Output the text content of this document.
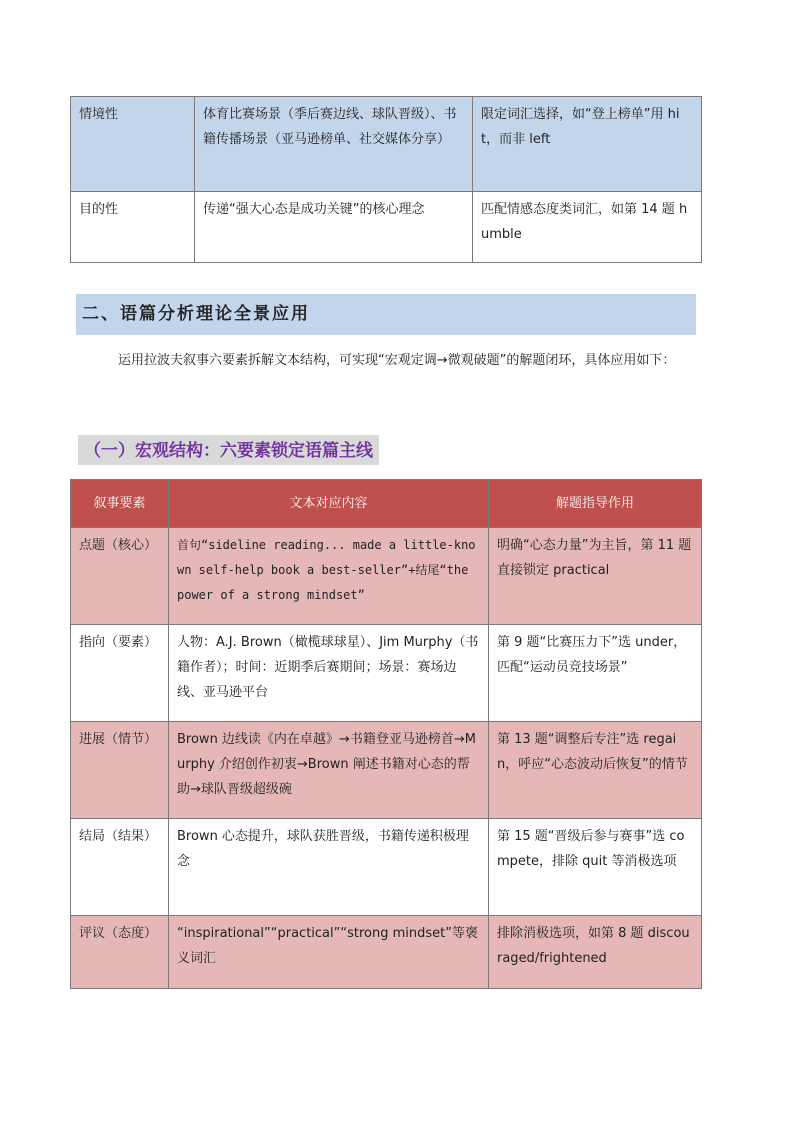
情境性	体育比赛场景（季后赛边线、球队晋级）、书籍传播场景（亚马逊榜单、社交媒体分享）	限定词汇选择，如“登上榜单”用 hit，而非 left
目的性	传递“强大心态是成功关键”的核心理念	匹配情感态度类词汇，如第 14 题 humble
二、语篇分析理论全景应用
运用拉波夫叙事六要素拆解文本结构，可实现“宏观定调→微观破题”的解题闭环，具体应用如下：
（一）宏观结构：六要素锁定语篇主线
叙事要素	文本对应内容	解题指导作用
点题（核心）	首句“sideline reading... made a little-known self-help book a best-seller”+结尾“the power of a strong mindset”	明确“心态力量”为主旨，第 11 题直接锁定 practical
指向（要素）	人物：A.J. Brown（橄榄球球星）、Jim Murphy（书籍作者）；时间：近期季后赛期间；场景：赛场边线、亚马逊平台	第 9 题“比赛压力下”选 under，匹配“运动员竞技场景”
进展（情节）	Brown 边线读《内在卓越》→书籍登亚马逊榜首→Murphy 介绍创作初衷→Brown 阐述书籍对心态的帮助→球队晋级超级碗	第 13 题“调整后专注”选 regain，呼应“心态波动后恢复”的情节
结局（结果）	Brown 心态提升，球队获胜晋级，书籍传递积极理念	第 15 题“晋级后参与赛事”选 compete，排除 quit 等消极选项
评议（态度）	“inspirational”“practical”“strong mindset”等褒义词汇	排除消极选项，如第 8 题 discouraged/frightened
